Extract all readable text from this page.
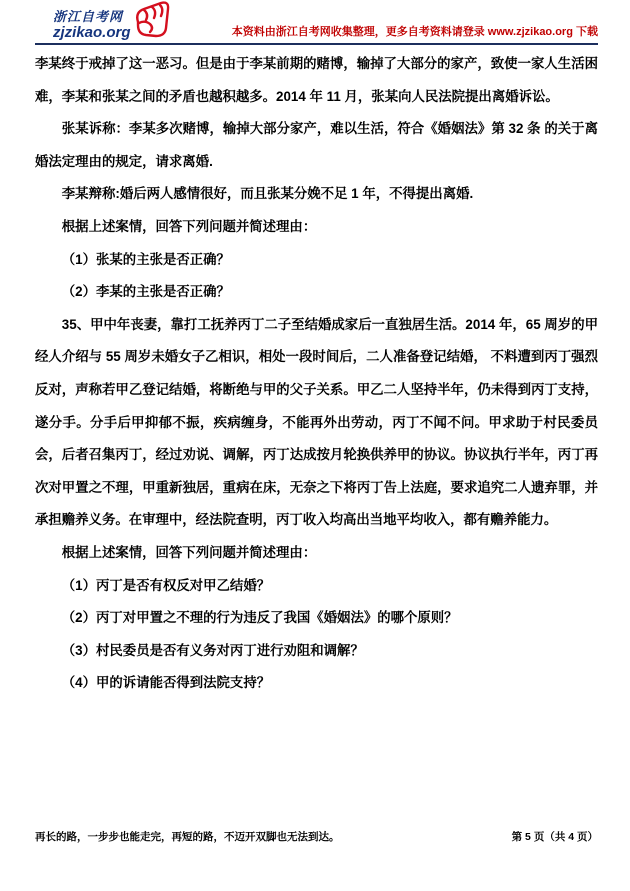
浙江自考网
zjzikao.org	本资料由浙江自考网收集整理，更多自考资料请登录 www.zjzikao.org 下载

李某终于戒掉了这一恶习。但是由于李某前期的赌博，输掉了大部分的家产，致使一家人生活困难，李某和张某之间的矛盾也越积越多。2014 年 11 月，张某向人民法院提出离婚诉讼。

张某诉称：李某多次赌博，输掉大部分家产，难以生活，符合《婚姻法》第 32 条 的关于离婚法定理由的规定，请求离婚.

李某辩称:婚后两人感情很好，而且张某分娩不足 1 年，不得提出离婚.

根据上述案情，回答下列问题并简述理由：

（1）张某的主张是否正确？

（2）李某的主张是否正确？

35、甲中年丧妻，靠打工抚养丙丁二子至结婚成家后一直独居生活。2014 年，65 周岁的甲经人介绍与 55 周岁未婚女子乙相识，相处一段时间后，二人准备登记结婚， 不料遭到丙丁强烈反对，声称若甲乙登记结婚，将断绝与甲的父子关系。甲乙二人坚持半年，仍未得到丙丁支持，遂分手。分手后甲抑郁不振，疾病缠身，不能再外出劳动，丙丁不闻不问。甲求助于村民委员会，后者召集丙丁，经过劝说、调解，丙丁达成按月轮换供养甲的协议。协议执行半年，丙丁再次对甲置之不理，甲重新独居，重病在床，无奈之下将丙丁告上法庭，要求追究二人遗弃罪，并承担赡养义务。在审理中，经法院查明，丙丁收入均高出当地平均收入，都有赡养能力。

根据上述案情，回答下列问题并简述理由：

（1）丙丁是否有权反对甲乙结婚？

（2）丙丁对甲置之不理的行为违反了我国《婚姻法》的哪个原则？

（3）村民委员是否有义务对丙丁进行劝阻和调解？

（4）甲的诉请能否得到法院支持？

再长的路，一步步也能走完，再短的路，不迈开双脚也无法到达。	第 5 页（共 4 页）
